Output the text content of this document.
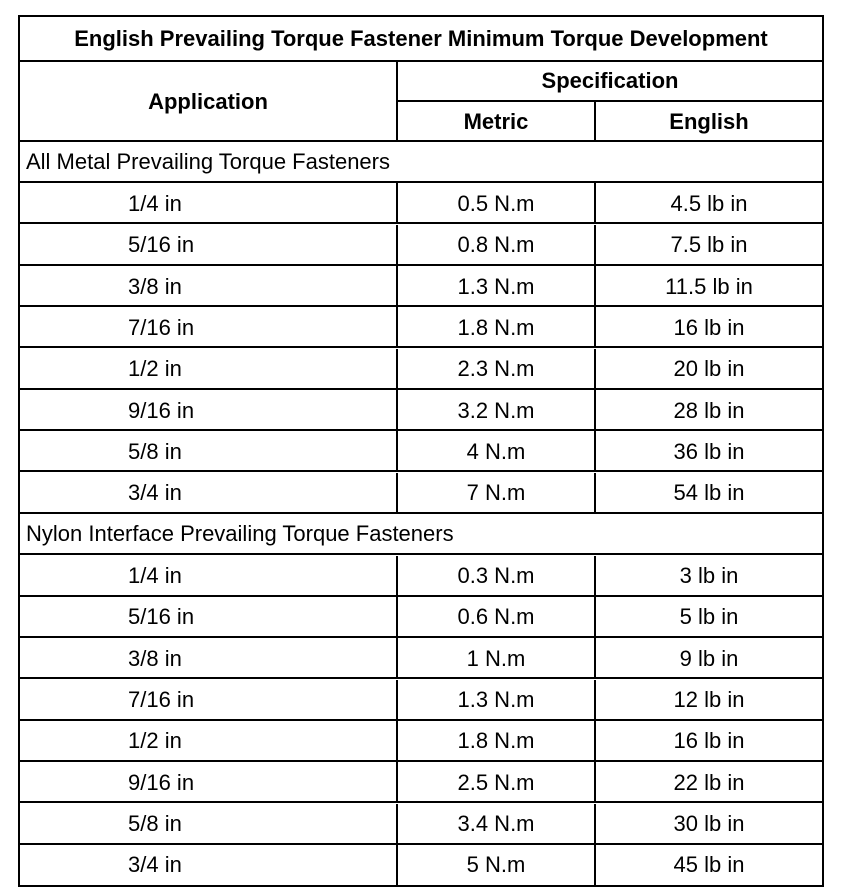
English Prevailing Torque Fastener Minimum Torque Development
Application
Specification
Metric	English
All Metal Prevailing Torque Fasteners
1/4 in	0.5 N.m	4.5 lb in
5/16 in	0.8 N.m	7.5 lb in
3/8 in	1.3 N.m	11.5 lb in
7/16 in	1.8 N.m	16 lb in
1/2 in	2.3 N.m	20 lb in
9/16 in	3.2 N.m	28 lb in
5/8 in	4 N.m	36 lb in
3/4 in	7 N.m	54 lb in
Nylon Interface Prevailing Torque Fasteners
1/4 in	0.3 N.m	3 lb in
5/16 in	0.6 N.m	5 lb in
3/8 in	1 N.m	9 lb in
7/16 in	1.3 N.m	12 lb in
1/2 in	1.8 N.m	16 lb in
9/16 in	2.5 N.m	22 lb in
5/8 in	3.4 N.m	30 lb in
3/4 in	5 N.m	45 lb in
